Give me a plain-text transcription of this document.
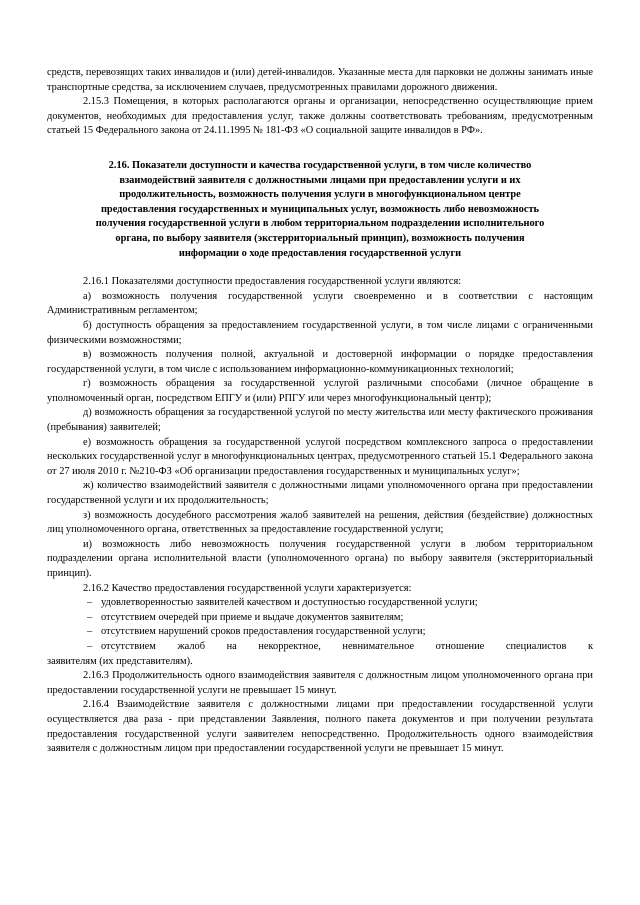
средств, перевозящих таких инвалидов и (или) детей-инвалидов. Указанные места для парковки не должны занимать иные транспортные средства, за исключением случаев, предусмотренных правилами дорожного движения.

2.15.3 Помещения, в которых располагаются органы и организации, непосредственно осуществляющие прием документов, необходимых для предоставления услуг, также должны соответствовать требованиям, предусмотренным статьей 15 Федерального закона от 24.11.1995 № 181-ФЗ «О социальной защите инвалидов в РФ».

2.16. Показатели доступности и качества государственной услуги, в том числе количество
взаимодействий заявителя с должностными лицами при предоставлении услуги и их
продолжительность, возможность получения услуги в многофункциональном центре
предоставления государственных и муниципальных услуг, возможность либо невозможность
получения государственной услуги в любом территориальном подразделении исполнительного
органа, по выбору заявителя (экстерриториальный принцип), возможность получения
информации о ходе предоставления государственной услуги

2.16.1 Показателями доступности предоставления государственной услуги являются:

а) возможность получения государственной услуги своевременно и в соответствии с настоящим Административным регламентом;

б) доступность обращения за предоставлением государственной услуги, в том числе лицами с ограниченными физическими возможностями;

в) возможность получения полной, актуальной и достоверной информации о порядке предоставления государственной услуги, в том числе с использованием информационно-коммуникационных технологий;

г) возможность обращения за государственной услугой различными способами (личное обращение в уполномоченный орган, посредством ЕПГУ и (или) РПГУ или через многофункциональный центр);

д) возможность обращения за государственной услугой по месту жительства или месту фактического проживания (пребывания) заявителей;

е) возможность обращения за государственной услугой посредством комплексного запроса о предоставлении нескольких государственной услуг в многофункциональных центрах, предусмотренного статьей 15.1 Федерального закона от 27 июля 2010 г. №210-ФЗ «Об организации предоставления государственных и муниципальных услуг»;

ж) количество взаимодействий заявителя с должностными лицами уполномоченного органа при предоставлении государственной услуги и их продолжительность;

з) возможность досудебного рассмотрения жалоб заявителей на решения, действия (бездействие) должностных лиц уполномоченного органа, ответственных за предоставление государственной услуги;

и) возможность либо невозможность получения государственной услуги в любом территориальном подразделении органа исполнительной власти (уполномоченного органа) по выбору заявителя (экстерриториальный принцип).

2.16.2 Качество предоставления государственной услуги характеризуется:

– удовлетворенностью заявителей качеством и доступностью государственной услуги;
– отсутствием очередей при приеме и выдаче документов заявителям;
– отсутствием нарушений сроков предоставления государственной услуги;
– отсутствием жалоб на некорректное, невнимательное отношение специалистов к

заявителям (их представителям).

2.16.3 Продолжительность одного взаимодействия заявителя с должностным лицом уполномоченного органа при предоставлении государственной услуги не превышает 15 минут.

2.16.4 Взаимодействие заявителя с должностными лицами при предоставлении государственной услуги осуществляется два раза - при представлении Заявления, полного пакета документов и при получении результата предоставления государственной услуги заявителем непосредственно. Продолжительность одного взаимодействия заявителя с должностным лицом при предоставлении государственной услуги не превышает 15 минут.
